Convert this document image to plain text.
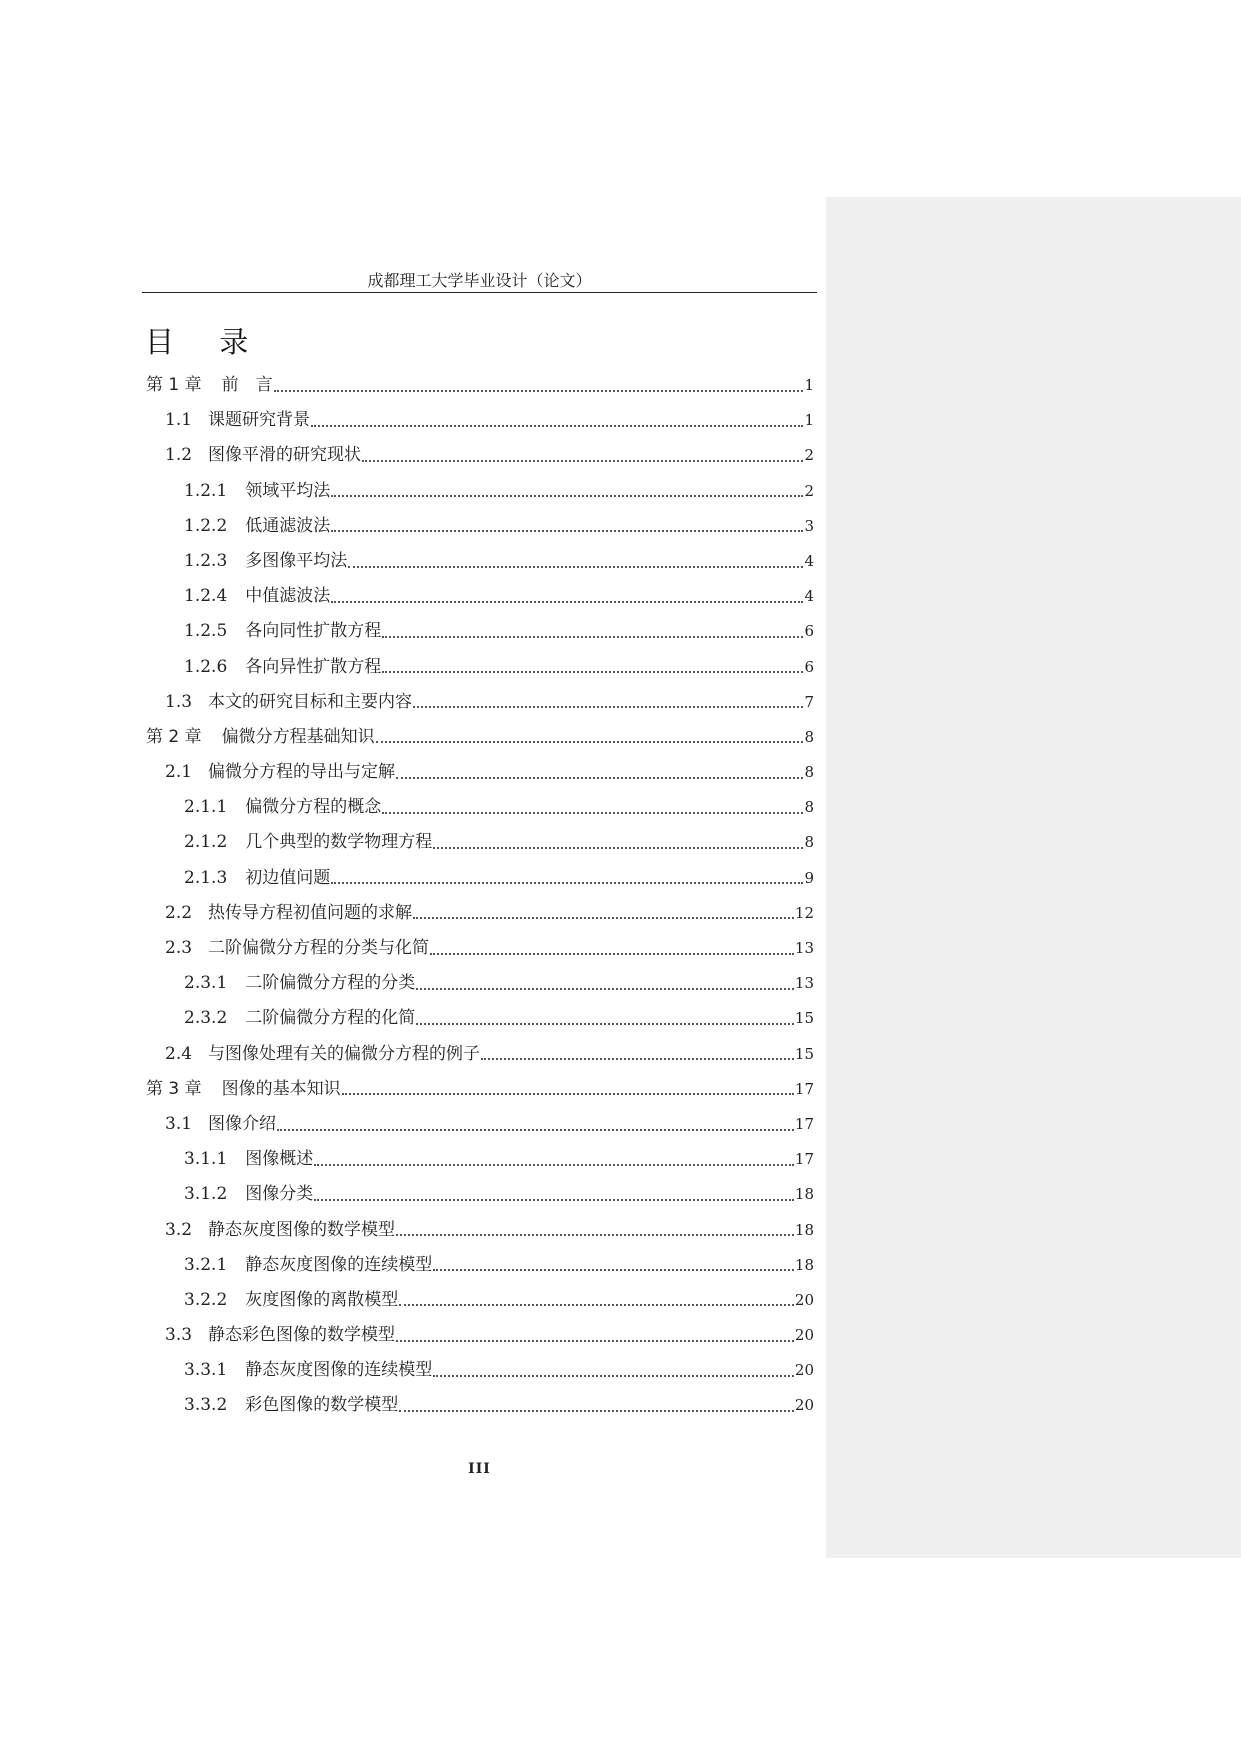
成都理工大学毕业设计（论文）
目 录
第 1 章 前　言	1
1.1 课题研究背景	1
1.2 图像平滑的研究现状	2
1.2.1 领域平均法	2
1.2.2 低通滤波法	3
1.2.3 多图像平均法	4
1.2.4 中值滤波法	4
1.2.5 各向同性扩散方程	6
1.2.6 各向异性扩散方程	6
1.3 本文的研究目标和主要内容	7
第 2 章 偏微分方程基础知识	8
2.1 偏微分方程的导出与定解	8
2.1.1 偏微分方程的概念	8
2.1.2 几个典型的数学物理方程	8
2.1.3 初边值问题	9
2.2 热传导方程初值问题的求解	12
2.3 二阶偏微分方程的分类与化简	13
2.3.1 二阶偏微分方程的分类	13
2.3.2 二阶偏微分方程的化简	15
2.4 与图像处理有关的偏微分方程的例子	15
第 3 章 图像的基本知识	17
3.1 图像介绍	17
3.1.1 图像概述	17
3.1.2 图像分类	18
3.2 静态灰度图像的数学模型	18
3.2.1 静态灰度图像的连续模型	18
3.2.2 灰度图像的离散模型	20
3.3 静态彩色图像的数学模型	20
3.3.1 静态灰度图像的连续模型	20
3.3.2 彩色图像的数学模型	20
III
